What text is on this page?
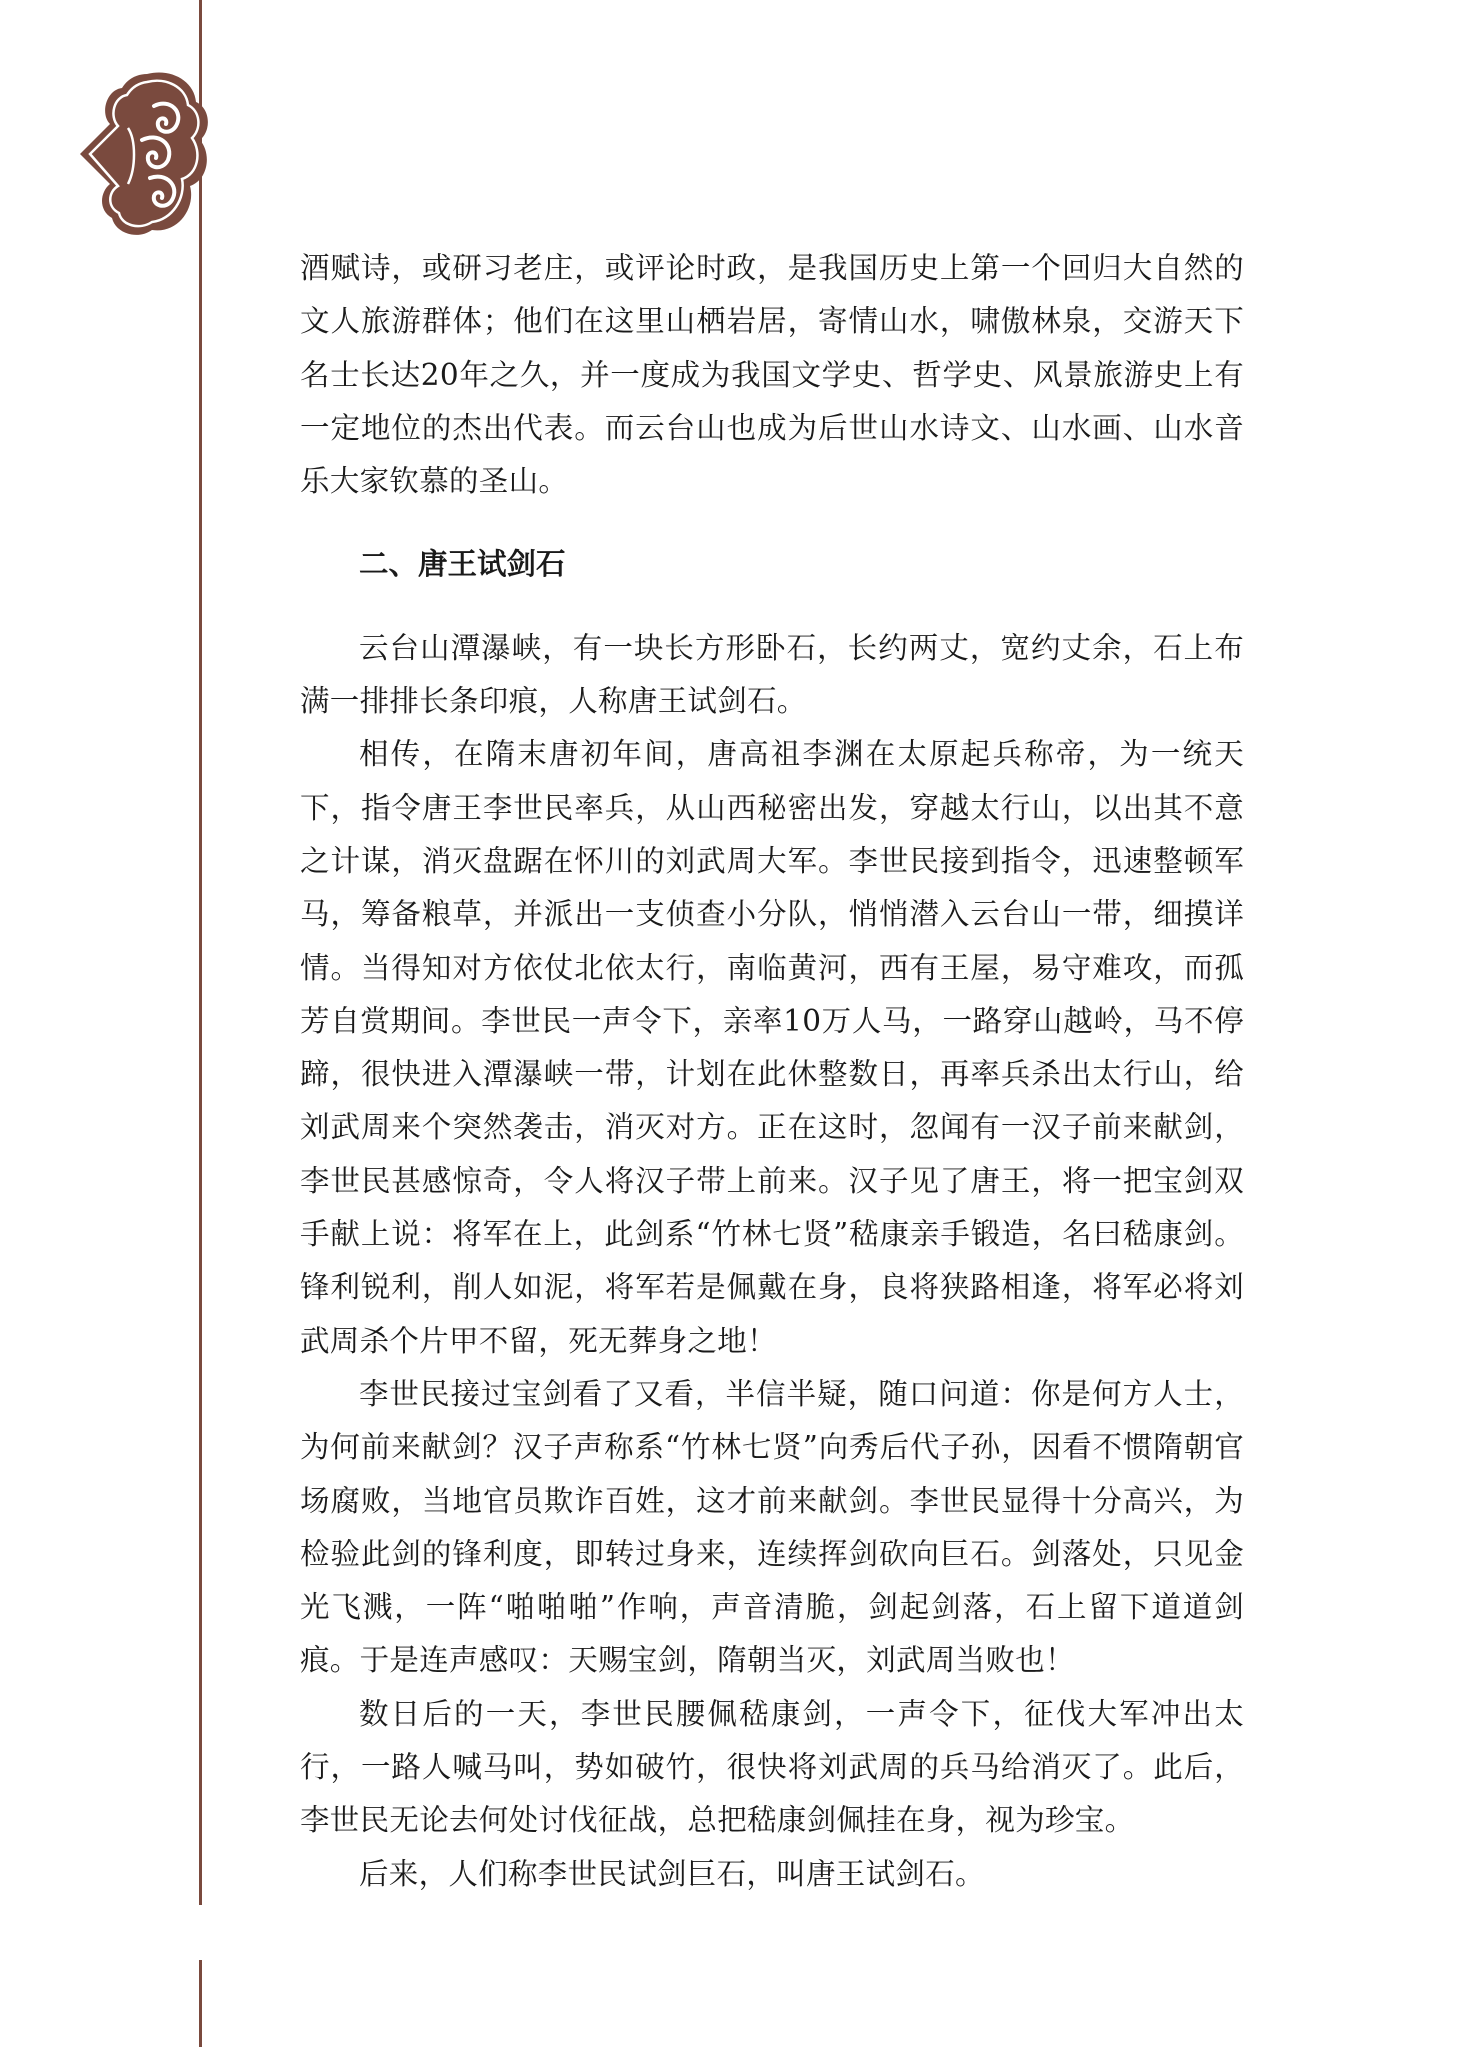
酒赋诗，或研习老庄，或评论时政，是我国历史上第一个回归大自然的文人旅游群体；他们在这里山栖岩居，寄情山水，啸傲林泉，交游天下名士长达20年之久，并一度成为我国文学史、哲学史、风景旅游史上有一定地位的杰出代表。而云台山也成为后世山水诗文、山水画、山水音乐大家钦慕的圣山。

二、唐王试剑石

云台山潭瀑峡，有一块长方形卧石，长约两丈，宽约丈余，石上布满一排排长条印痕，人称唐王试剑石。

相传，在隋末唐初年间，唐高祖李渊在太原起兵称帝，为一统天下，指令唐王李世民率兵，从山西秘密出发，穿越太行山，以出其不意之计谋，消灭盘踞在怀川的刘武周大军。李世民接到指令，迅速整顿军马，筹备粮草，并派出一支侦查小分队，悄悄潜入云台山一带，细摸详情。当得知对方依仗北依太行，南临黄河，西有王屋，易守难攻，而孤芳自赏期间。李世民一声令下，亲率10万人马，一路穿山越岭，马不停蹄，很快进入潭瀑峡一带，计划在此休整数日，再率兵杀出太行山，给刘武周来个突然袭击，消灭对方。正在这时，忽闻有一汉子前来献剑，李世民甚感惊奇，令人将汉子带上前来。汉子见了唐王，将一把宝剑双手献上说：将军在上，此剑系“竹林七贤”嵇康亲手锻造，名曰嵇康剑。锋利锐利，削人如泥，将军若是佩戴在身，良将狭路相逢，将军必将刘武周杀个片甲不留，死无葬身之地！

李世民接过宝剑看了又看，半信半疑，随口问道：你是何方人士，为何前来献剑？汉子声称系“竹林七贤”向秀后代子孙，因看不惯隋朝官场腐败，当地官员欺诈百姓，这才前来献剑。李世民显得十分高兴，为检验此剑的锋利度，即转过身来，连续挥剑砍向巨石。剑落处，只见金光飞溅，一阵“啪啪啪”作响，声音清脆，剑起剑落，石上留下道道剑痕。于是连声感叹：天赐宝剑，隋朝当灭，刘武周当败也！

数日后的一天，李世民腰佩嵇康剑，一声令下，征伐大军冲出太行，一路人喊马叫，势如破竹，很快将刘武周的兵马给消灭了。此后，李世民无论去何处讨伐征战，总把嵇康剑佩挂在身，视为珍宝。

后来，人们称李世民试剑巨石，叫唐王试剑石。
